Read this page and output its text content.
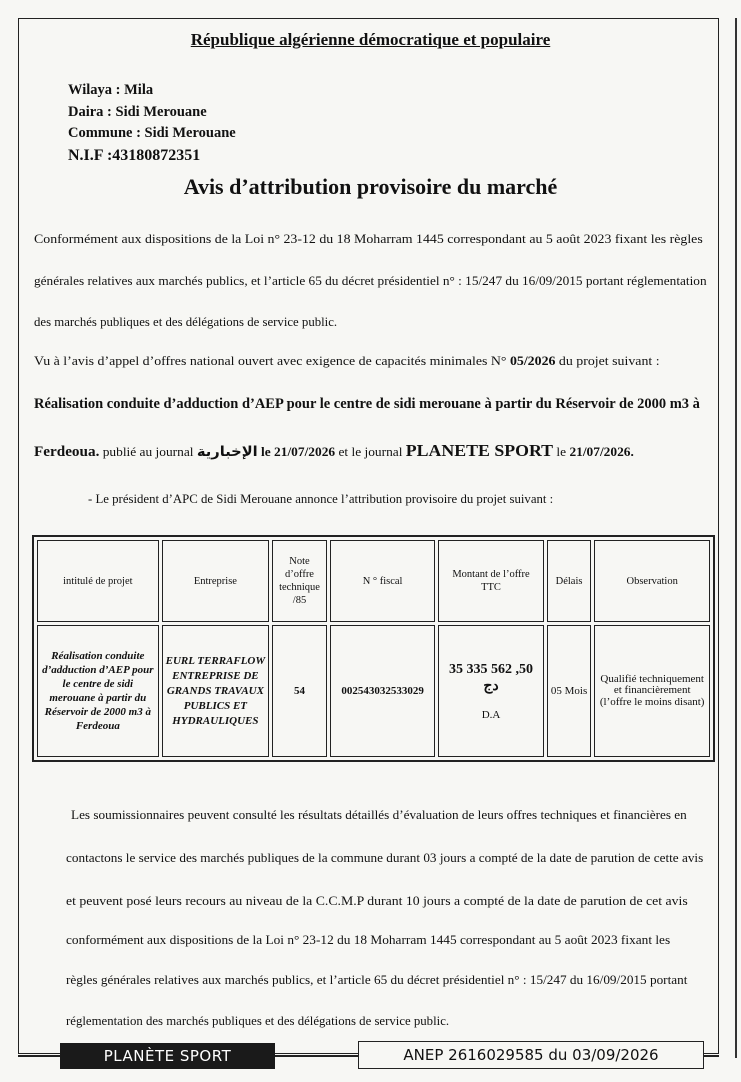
République algérienne démocratique et populaire
Wilaya : Mila
Daira : Sidi Merouane
Commune : Sidi Merouane
N.I.F :43180872351
Avis d’attribution provisoire du marché
Conformément aux dispositions de la Loi n° 23-12 du 18 Moharram 1445 correspondant au 5 août 2023 fixant les règles
générales relatives aux marchés publics, et l’article 65 du décret présidentiel n° : 15/247 du 16/09/2015 portant réglementation
des marchés publiques et des délégations de service public.
Vu à l’avis d’appel d’offres national ouvert avec exigence de capacités minimales N° 05/2026 du projet suivant :
Réalisation conduite d’adduction d’AEP pour le centre de sidi merouane à partir du Réservoir de 2000 m3 à
Ferdeoua. publié au journal الإخبارية le 21/07/2026 et le journal PLANETE SPORT le 21/07/2026.
- Le président d’APC de Sidi Merouane annonce l’attribution provisoire du projet suivant :
intitulé de projet	Entreprise	Note d’offre technique /85	N ° fiscal	Montant de l’offre TTC	Délais	Observation
Réalisation conduite d’adduction d’AEP pour le centre de sidi merouane à partir du Réservoir de 2000 m3 à Ferdeoua	EURL TERRAFLOW ENTREPRISE DE GRANDS TRAVAUX PUBLICS ET HYDRAULIQUES	54	002543032533029	35 335 562 ,50 دج
D.A	05 Mois	Qualifié techniquement et financièrement (l’offre le moins disant)
Les soumissionnaires peuvent consulté les résultats détaillés d’évaluation de leurs offres techniques et financières en
contactons le service des marchés publiques de la commune durant 03 jours a compté de la date de parution de cette avis
et peuvent posé leurs recours au niveau de la C.C.M.P durant 10 jours a compté de la date de parution de cet avis
conformément aux dispositions de la Loi n° 23-12 du 18 Moharram 1445 correspondant au 5 août 2023 fixant les
règles générales relatives aux marchés publics, et l’article 65 du décret présidentiel n° : 15/247 du 16/09/2015 portant
réglementation des marchés publiques et des délégations de service public.
PLANÈTE SPORT	ANEP 2616029585 du 03/09/2026
